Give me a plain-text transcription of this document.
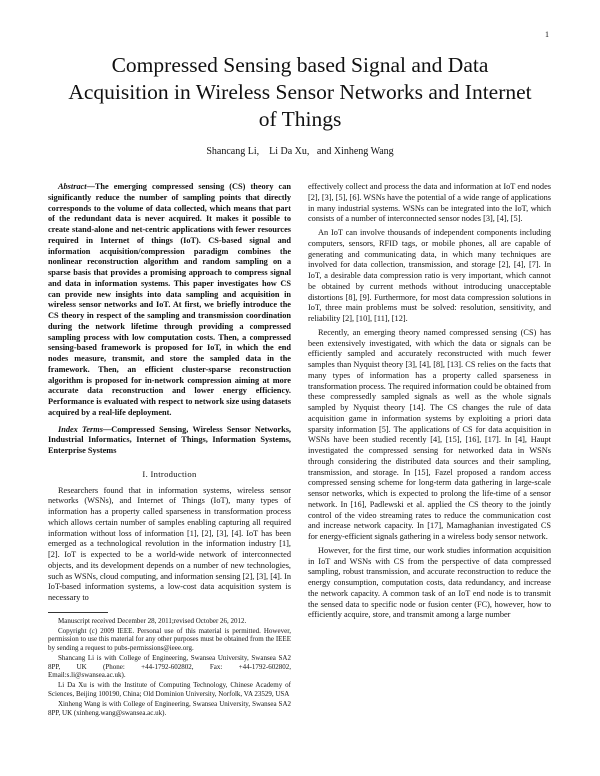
1
Compressed Sensing based Signal and Data Acquisition in Wireless Sensor Networks and Internet of Things
Shancang Li,    Li Da Xu,   and Xinheng Wang

Abstract—The emerging compressed sensing (CS) theory can significantly reduce the number of sampling points that directly corresponds to the volume of data collected, which means that part of the redundant data is never acquired. It makes it possible to create stand-alone and net-centric applications with fewer resources required in Internet of things (IoT). CS-based signal and information acquisition/compression paradigm combines the nonlinear reconstruction algorithm and random sampling on a sparse basis that provides a promising approach to compress signal and data in information systems. This paper investigates how CS can provide new insights into data sampling and acquisition in wireless sensor networks and IoT. At first, we briefly introduce the CS theory in respect of the sampling and transmission coordination during the network lifetime through providing a compressed sampling process with low computation costs. Then, a compressed sensing-based framework is proposed for IoT, in which the end nodes measure, transmit, and store the sampled data in the framework. Then, an efficient cluster-sparse reconstruction algorithm is proposed for in-network compression aiming at more accurate data reconstruction and lower energy efficiency. Performance is evaluated with respect to network size using datasets acquired by a real-life deployment.

Index Terms—Compressed Sensing, Wireless Sensor Networks, Industrial Informatics, Internet of Things, Information Systems, Enterprise Systems

I. Introduction

Researchers found that in information systems, wireless sensor networks (WSNs), and Internet of Things (IoT), many types of information has a property called sparseness in transformation process which allows certain number of samples enabling capturing all required information without loss of information [1], [2], [3], [4]. IoT has been emerged as a technological revolution in the information industry [1], [2]. IoT is expected to be a world-wide network of interconnected objects, and its development depends on a number of new technologies, such as WSNs, cloud computing, and information sensing [2], [3], [4]. In IoT-based information systems, a low-cost data acquisition system is necessary to

Manuscript received December 28, 2011;revised October 26, 2012.

Copyright (c) 2009 IEEE. Personal use of this material is permitted. However, permission to use this material for any other purposes must be obtained from the IEEE by sending a request to pubs-permissions@ieee.org.

Shancang Li is with College of Engineering, Swansea University, Swansea SA2 8PP, UK (Phone: +44-1792-602802, Fax: +44-1792-602802, Email:s.li@swansea.ac.uk).

Li Da Xu is with the Institute of Computing Technology, Chinese Academy of Sciences, Beijing 100190, China; Old Dominion University, Norfolk, VA 23529, USA

Xinheng Wang is with College of Engineering, Swansea University, Swansea SA2 8PP, UK (xinheng.wang@swansea.ac.uk).

effectively collect and process the data and information at IoT end nodes [2], [3], [5], [6]. WSNs have the potential of a wide range of applications in many industrial systems. WSNs can be integrated into the IoT, which consists of a number of interconnected sensor nodes [3], [4], [5].

An IoT can involve thousands of independent components including computers, sensors, RFID tags, or mobile phones, all are capable of generating and communicating data, in which many techniques are involved for data collection, transmission, and storage [2], [4], [7]. In IoT, a desirable data compression ratio is very important, which cannot be obtained by current methods without introducing unacceptable distortions [8], [9]. Furthermore, for most data compression solutions in IoT, three main problems must be solved: resolution, sensitivity, and reliability [2], [10], [11], [12].

Recently, an emerging theory named compressed sensing (CS) has been extensively investigated, with which the data or signals can be efficiently sampled and accurately reconstructed with much fewer samples than Nyquist theory [3], [4], [8], [13]. CS relies on the facts that many types of information has a property called sparseness in transformation process. The required information could be obtained from these compressedly sampled signals as well as the whole signals sampled by Nyquist theory [14]. The CS changes the rule of data acquisition game in information systems by exploiting a priori data sparsity information [5]. The applications of CS for data acquisition in WSNs have been studied recently [4], [15], [16], [17]. In [4], Haupt investigated the compressed sensing for networked data in WSNs through considering the distributed data sources and their sampling, transmission, and storage. In [15], Fazel proposed a random access compressed sensing scheme for long-term data gathering in large-scale sensor networks, which is expected to prolong the life-time of a sensor network. In [16], Padlewski et al. applied the CS theory to the jointly control of the video streaming rates to reduce the communication cost and increase network capacity. In [17], Mamaghanian investigated CS for energy-efficient signals gathering in a wireless body sensor network.

However, for the first time, our work studies information acquisition in IoT and WSNs with CS from the perspective of data compressed sampling, robust transmission, and accurate reconstruction to reduce the energy consumption, computation costs, data redundancy, and increase the network capacity. A common task of an IoT end node is to transmit the sensed data to specific node or fusion center (FC), however, how to efficiently acquire, store, and transmit among a large number
